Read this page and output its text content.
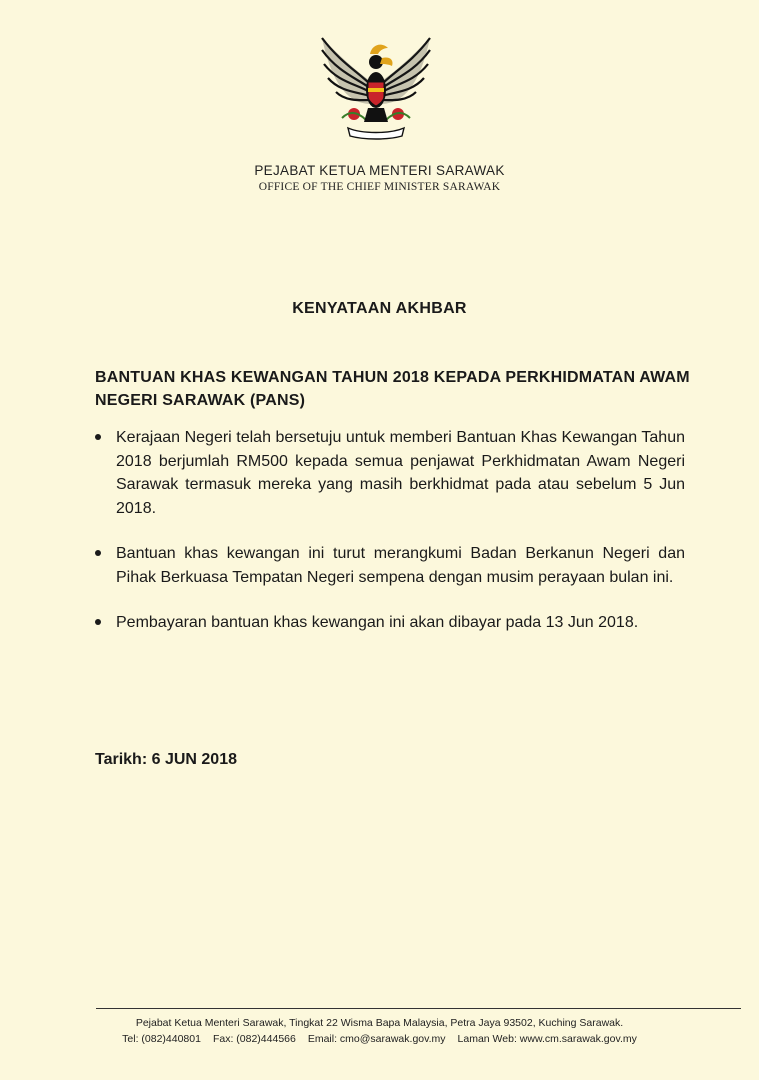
PEJABAT KETUA MENTERI SARAWAK
OFFICE OF THE CHIEF MINISTER SARAWAK
KENYATAAN AKHBAR
BANTUAN KHAS KEWANGAN TAHUN 2018 KEPADA PERKHIDMATAN AWAM NEGERI SARAWAK (PANS)
Kerajaan Negeri telah bersetuju untuk memberi Bantuan Khas Kewangan Tahun 2018 berjumlah RM500 kepada semua penjawat Perkhidmatan Awam Negeri Sarawak termasuk mereka yang masih berkhidmat pada atau sebelum 5 Jun 2018.
Bantuan khas kewangan ini turut merangkumi Badan Berkanun Negeri dan Pihak Berkuasa Tempatan Negeri sempena dengan musim perayaan bulan ini.
Pembayaran bantuan khas kewangan ini akan dibayar pada 13 Jun 2018.
Tarikh: 6 JUN 2018
Pejabat Ketua Menteri Sarawak, Tingkat 22 Wisma Bapa Malaysia, Petra Jaya 93502, Kuching Sarawak.
Tel: (082)440801 Fax: (082)444566 Email: cmo@sarawak.gov.my Laman Web: www.cm.sarawak.gov.my
